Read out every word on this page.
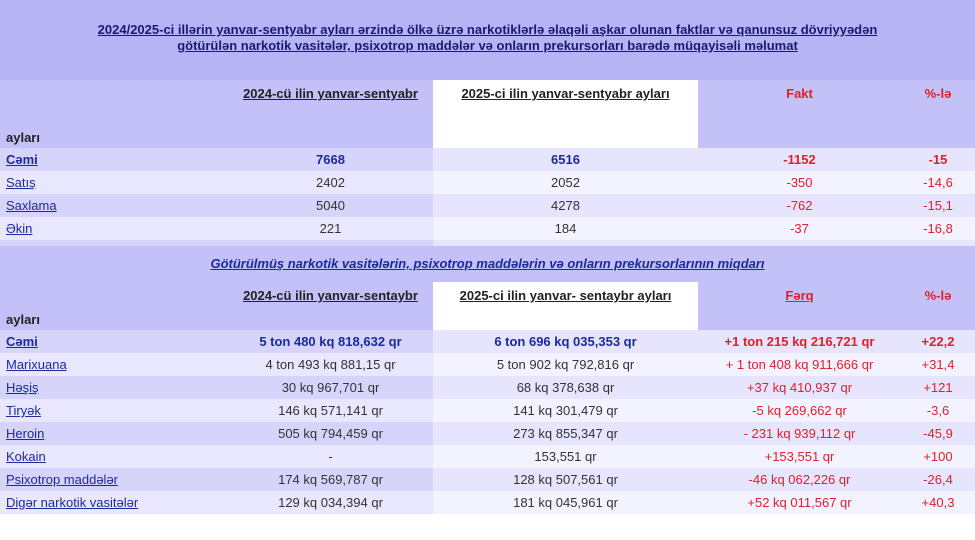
2024/2025-ci illərin yanvar-sentyabr ayları ərzində ölkə üzrə narkotiklərlə əlaqəli aşkar olunan faktlar və qanunsuz dövriyyədən
götürülən narkotik vasitələr, psixotrop maddələr və onların prekursorları barədə müqayisəli məlumat
ayları	2024-cü ilin yanvar-sentyabr	2025-ci ilin yanvar-sentyabr ayları	Fakt	%-lə
Cəmi	7668	6516	-1152	-15
Satış	2402	2052	-350	-14,6
Saxlama	5040	4278	-762	-15,1
Əkin	221	184	-37	-16,8

Götürülmüş narkotik vasitələrin, psixotrop maddələrin və onların prekursorlarının miqdarı
ayları	2024-cü ilin yanvar-sentaybr	2025-ci ilin yanvar- sentaybr ayları	Fərq	%-lə
Cəmi	5 ton 480 kq 818,632 qr	6 ton 696 kq 035,353 qr	+1 ton 215 kq 216,721 qr	+22,2
Marixuana	4 ton 493 kq 881,15 qr	5 ton 902 kq 792,816 qr	+ 1 ton 408 kq 911,666 qr	+31,4
Həşiş	30 kq 967,701 qr	68 kq 378,638 qr	+37 kq 410,937 qr	+121
Tiryək	146 kq 571,141 qr	141 kq 301,479 qr	-5 kq 269,662 qr	-3,6
Heroin	505 kq 794,459 qr	273 kq 855,347 qr	- 231 kq 939,112 qr	-45,9
Kokain	-	153,551 qr	+153,551 qr	+100
Psixotrop maddələr	174 kq 569,787 qr	128 kq 507,561 qr	-46 kq 062,226 qr	-26,4
Digər narkotik vasitələr	129 kq 034,394 qr	181 kq 045,961 qr	+52 kq 011,567 qr	+40,3
